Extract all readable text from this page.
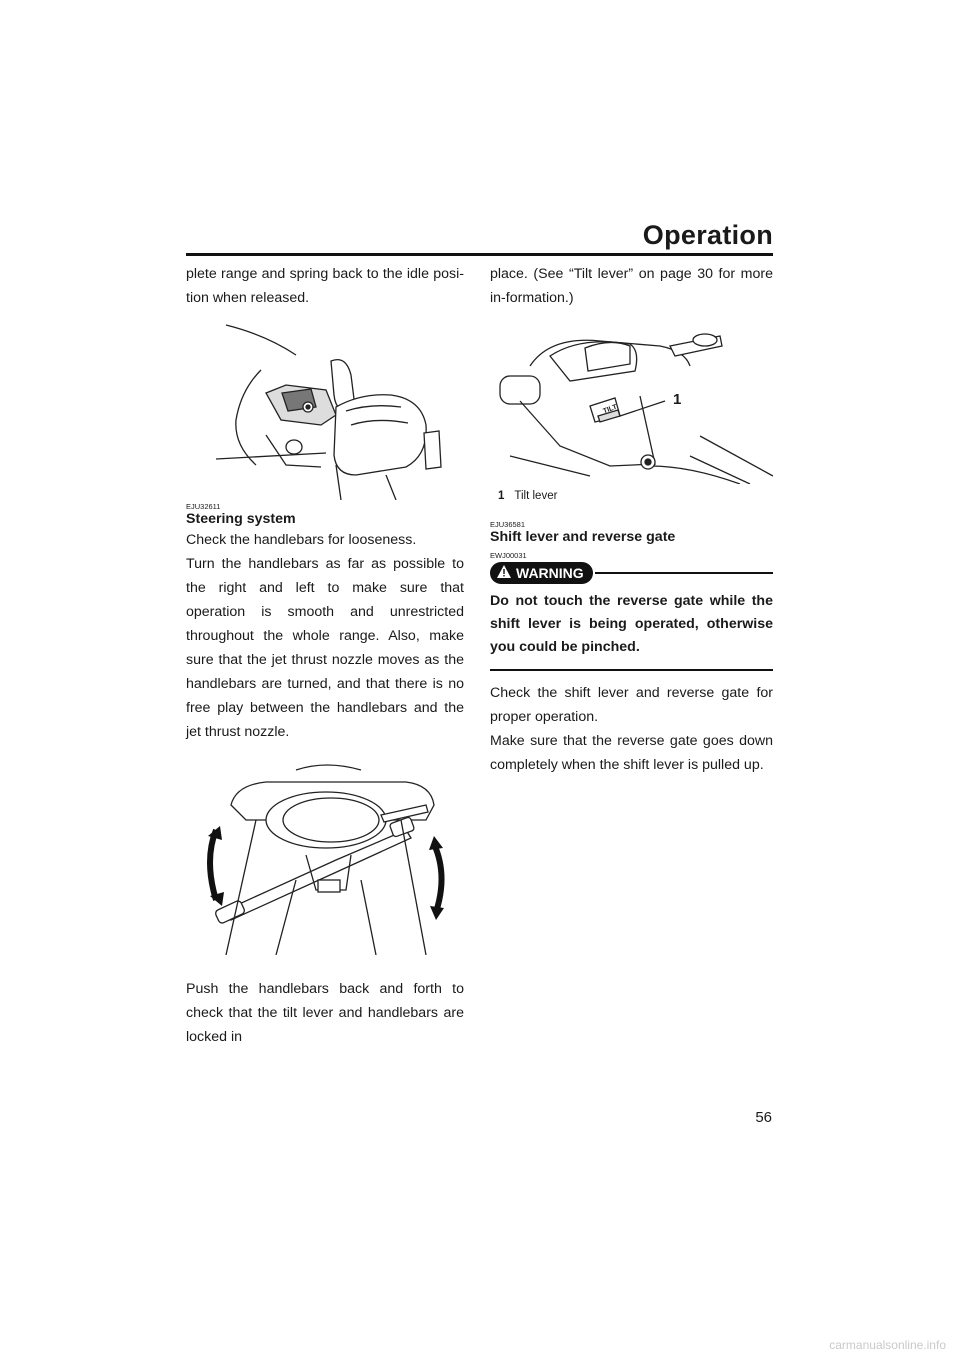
Operation

plete range and spring back to the idle posi-tion when released.

EJU32611

Steering system

Check the handlebars for looseness.

Turn the handlebars as far as possible to the right and left to make sure that operation is smooth and unrestricted throughout the whole range. Also, make sure that the jet thrust nozzle moves as the handlebars are turned, and that there is no free play between the handlebars and the jet thrust nozzle.

Push the handlebars back and forth to check that the tilt lever and handlebars are locked in

place. (See “Tilt lever” on page 30 for more in-formation.)

TILT
1
1 Tilt lever

EJU36581

Shift lever and reverse gate

EWJ00031

WARNING

Do not touch the reverse gate while the shift lever is being operated, otherwise you could be pinched.

Check the shift lever and reverse gate for proper operation.

Make sure that the reverse gate goes down completely when the shift lever is pulled up.

56
carmanualsonline.info
